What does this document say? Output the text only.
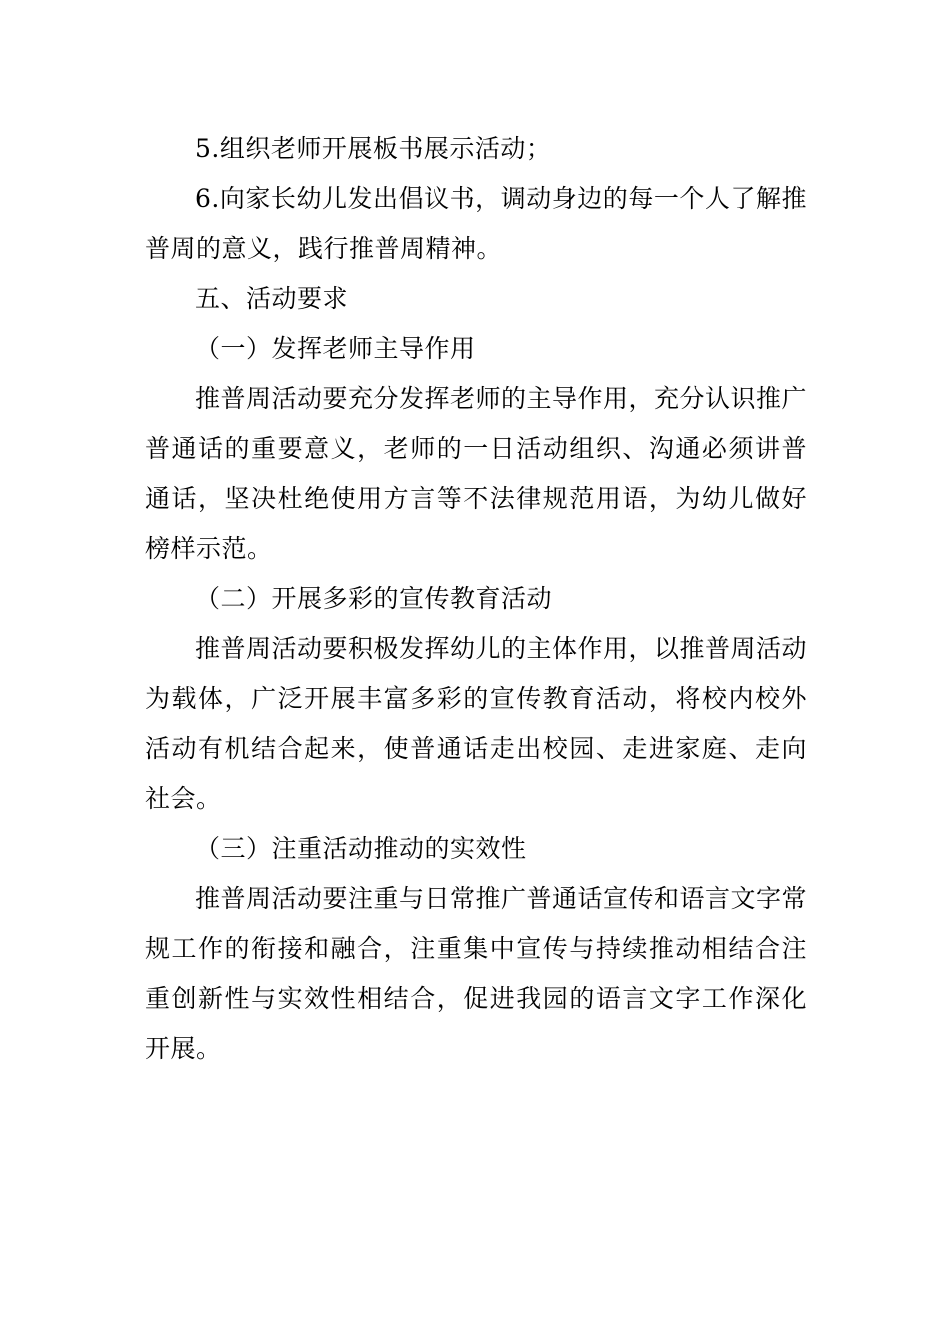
5.组织老师开展板书展示活动；

6.向家长幼儿发出倡议书，调动身边的每一个人了解推普周的意义，践行推普周精神。

五、活动要求

（一）发挥老师主导作用

推普周活动要充分发挥老师的主导作用，充分认识推广普通话的重要意义，老师的一日活动组织、沟通必须讲普通话，坚决杜绝使用方言等不法律规范用语，为幼儿做好榜样示范。

（二）开展多彩的宣传教育活动

推普周活动要积极发挥幼儿的主体作用，以推普周活动为载体，广泛开展丰富多彩的宣传教育活动，将校内校外活动有机结合起来，使普通话走出校园、走进家庭、走向社会。

（三）注重活动推动的实效性

推普周活动要注重与日常推广普通话宣传和语言文字常规工作的衔接和融合，注重集中宣传与持续推动相结合注重创新性与实效性相结合，促进我园的语言文字工作深化开展。
